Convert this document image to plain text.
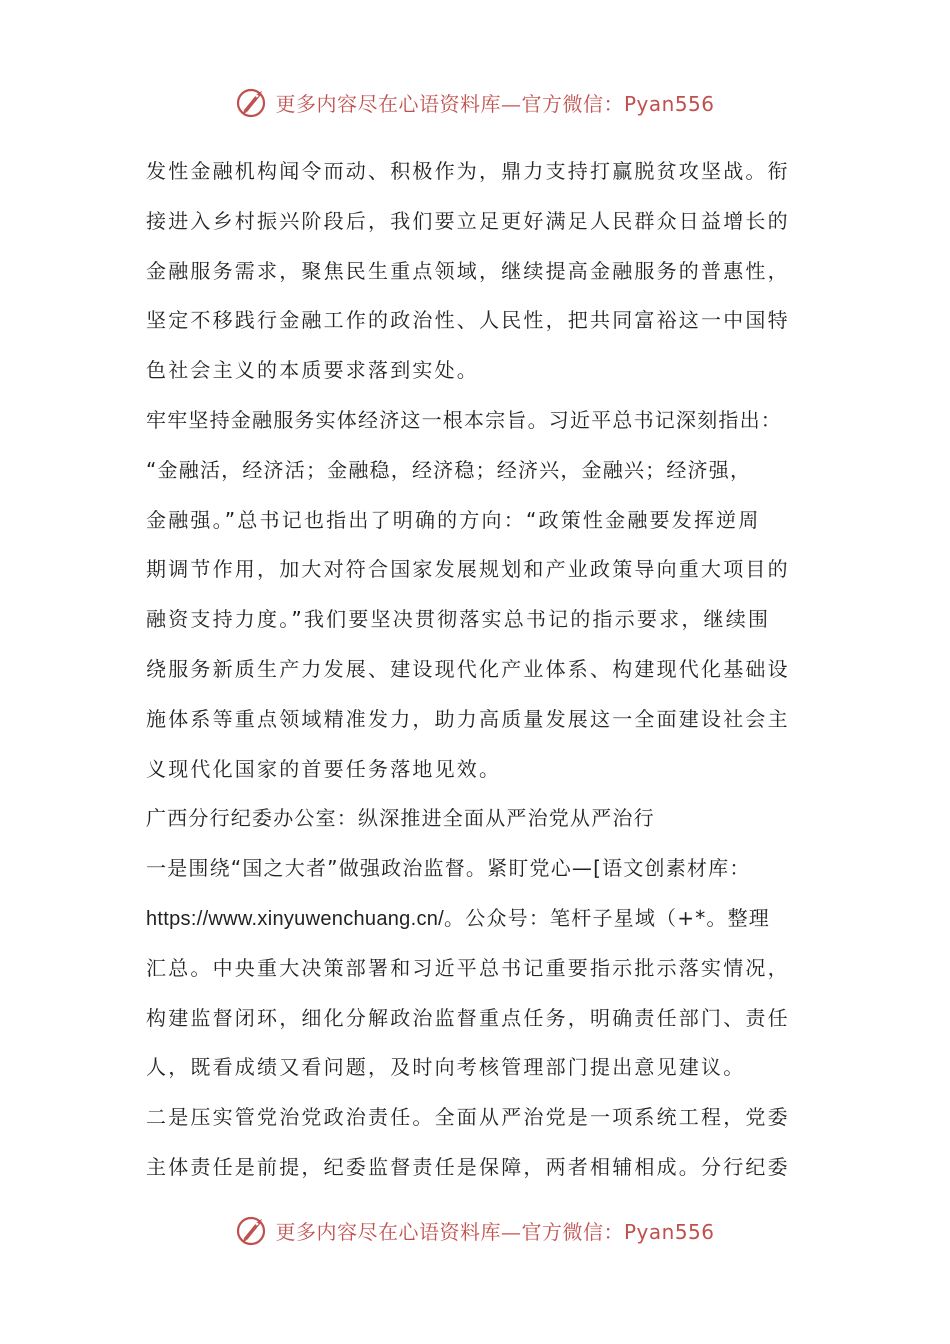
更多内容尽在心语资料库—官方微信：Pyan556
发性金融机构闻令而动、积极作为，鼎力支持打赢脱贫攻坚战。衔
接进入乡村振兴阶段后，我们要立足更好满足人民群众日益增长的
金融服务需求，聚焦民生重点领域，继续提高金融服务的普惠性，
坚定不移践行金融工作的政治性、人民性，把共同富裕这一中国特
色社会主义的本质要求落到实处。
牢牢坚持金融服务实体经济这一根本宗旨。习近平总书记深刻指出：
“金融活，经济活；金融稳，经济稳；经济兴，金融兴；经济强，
金融强。”总书记也指出了明确的方向：“政策性金融要发挥逆周
期调节作用，加大对符合国家发展规划和产业政策导向重大项目的
融资支持力度。”我们要坚决贯彻落实总书记的指示要求，继续围
绕服务新质生产力发展、建设现代化产业体系、构建现代化基础设
施体系等重点领域精准发力，助力高质量发展这一全面建设社会主
义现代化国家的首要任务落地见效。
广西分行纪委办公室：纵深推进全面从严治党从严治行
一是围绕“国之大者”做强政治监督。紧盯党心—[语文创素材库：
https://www.xinyuwenchuang.cn/。公众号：笔杆子星域（+*。整理
汇总。中央重大决策部署和习近平总书记重要指示批示落实情况，
构建监督闭环，细化分解政治监督重点任务，明确责任部门、责任
人，既看成绩又看问题，及时向考核管理部门提出意见建议。
二是压实管党治党政治责任。全面从严治党是一项系统工程，党委
主体责任是前提，纪委监督责任是保障，两者相辅相成。分行纪委
更多内容尽在心语资料库—官方微信：Pyan556
